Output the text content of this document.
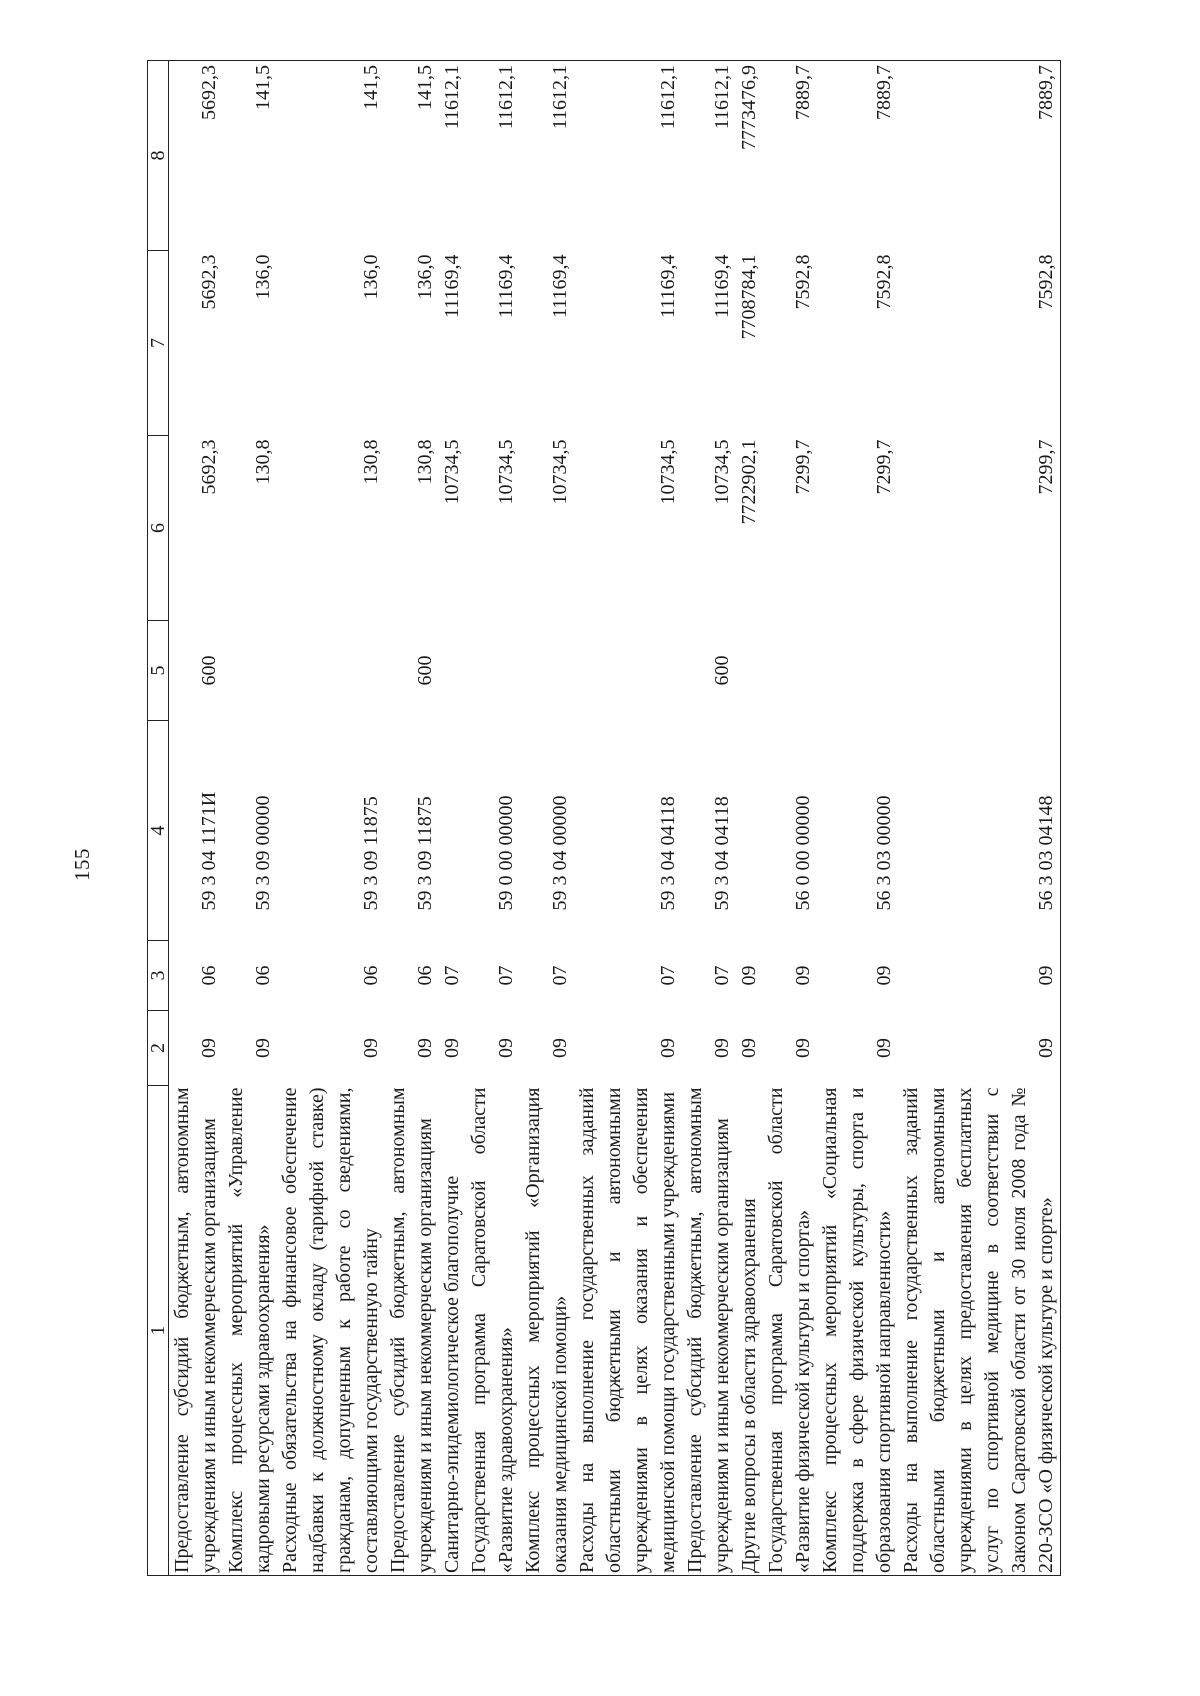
155
1	2	3	4	5	6	7	8
Предоставление субсидий бюджетным, автономным учреждениям и иным некоммерческим организациям	09	06	59 3 04 1171И	600	5692,3	5692,3	5692,3
Комплекс процессных мероприятий «Управление кадровыми ресурсами здравоохранения»	09	06	59 3 09 00000		130,8	136,0	141,5
Расходные обязательства на финансовое обеспечение надбавки к должностному окладу (тарифной ставке) гражданам, допущенным к работе со сведениями, составляющими государственную тайну	09	06	59 3 09 11875		130,8	136,0	141,5
Предоставление субсидий бюджетным, автономным учреждениям и иным некоммерческим организациям	09	06	59 3 09 11875	600	130,8	136,0	141,5
Санитарно-эпидемиологическое благополучие	09	07			10734,5	11169,4	11612,1
Государственная программа Саратовской области «Развитие здравоохранения»	09	07	59 0 00 00000		10734,5	11169,4	11612,1
Комплекс процессных мероприятий «Организация оказания медицинской помощи»	09	07	59 3 04 00000		10734,5	11169,4	11612,1
Расходы на выполнение государственных заданий областными бюджетными и автономными учреждениями в целях оказания и обеспечения медицинской помощи государственными учреждениями	09	07	59 3 04 04118		10734,5	11169,4	11612,1
Предоставление субсидий бюджетным, автономным учреждениям и иным некоммерческим организациям	09	07	59 3 04 04118	600	10734,5	11169,4	11612,1
Другие вопросы в области здравоохранения	09	09			7722902,1	7708784,1	7773476,9
Государственная программа Саратовской области «Развитие физической культуры и спорта»	09	09	56 0 00 00000		7299,7	7592,8	7889,7
Комплекс процессных мероприятий «Социальная поддержка в сфере физической культуры, спорта и образования спортивной направленности»	09	09	56 3 03 00000		7299,7	7592,8	7889,7
Расходы на выполнение государственных заданий областными бюджетными и автономными учреждениями в целях предоставления бесплатных услуг по спортивной медицине в соответствии с Законом Саратовской области от 30 июля 2008 года № 220-ЗСО «О физической культуре и спорте»	09	09	56 3 03 04148		7299,7	7592,8	7889,7
